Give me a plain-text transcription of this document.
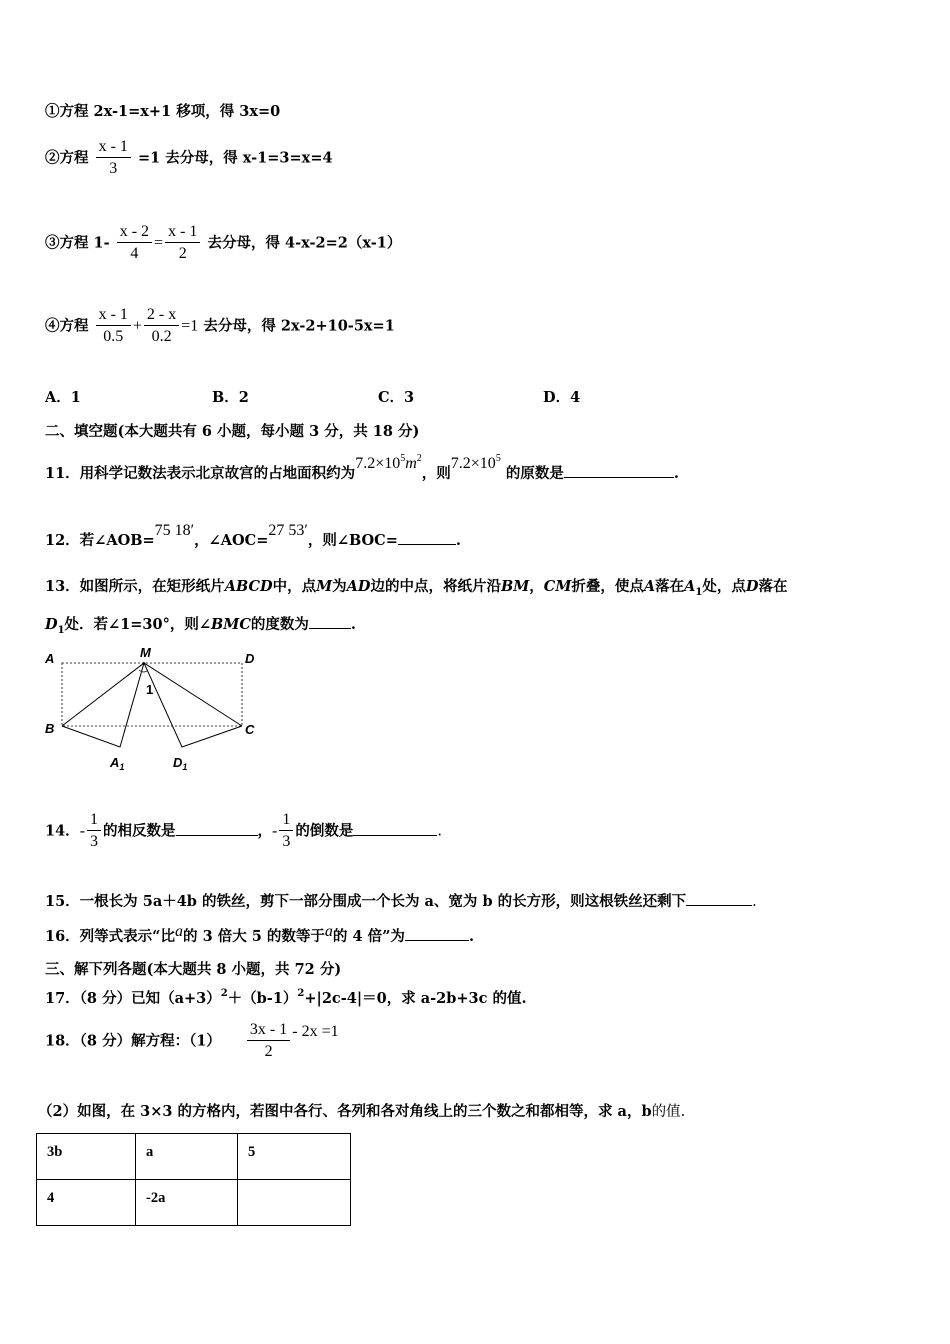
①方程 2x-1=x+1 移项，得 3x=0
②方程 $\frac{x - 1}{3} =1$ 去分母，得 x-1=3=x=4
③方程 $1- \frac{x - 2}{4} = \frac{x - 1}{2}$ 去分母，得 4-x-2=2（x-1）
④方程 $\frac{x - 1}{0.5} + \frac{2 - x}{0.2} =1$ 去分母，得 2x-2+10-5x=1
A．1	B．2	C．3	D．4
二、填空题(本大题共有 6 小题，每小题 3 分，共 18 分)
11．用科学记数法表示北京故宫的占地面积约为$7.2\times 10^5m^2$，则$7.2\times 10^5$ 的原数是	.
12．若∠AOB=75 18′，∠AOC=27 53′，则∠BOC=	.
13．如图所示，在矩形纸片ABCD中，点M为AD边的中点，将纸片沿BM，CM折叠，使点A落在$A_1$处，点D落在
$D_1$处．若∠1=30°，则∠BMC的度数为	.
A	M	D
B	C
1
$A_1$	$D_1$
14．- $\frac{1}{3}$ 的相反数是	，- $\frac{1}{3}$ 的倒数是	.
15．一根长为 5a＋4b 的铁丝，剪下一部分围成一个长为 a、宽为 b 的长方形，则这根铁丝还剩下	.
16．列等式表示“比a的 3 倍大 5 的数等于a的 4 倍”为	.
三、解下列各题(本大题共 8 小题，共 72 分)
17．（8 分）已知$(a+3)^2+(b-1)^2+|2c-4|=0$，求 a-2b+3c 的值.
18．（8 分）解方程：$(1) \frac{3x - 1}{2} - 2x =1$
（2）如图，在 3×3 的方格内，若图中各行、各列和各对角线上的三个数之和都相等，求 a，b的值.
3b	a	5
4	-2a	
